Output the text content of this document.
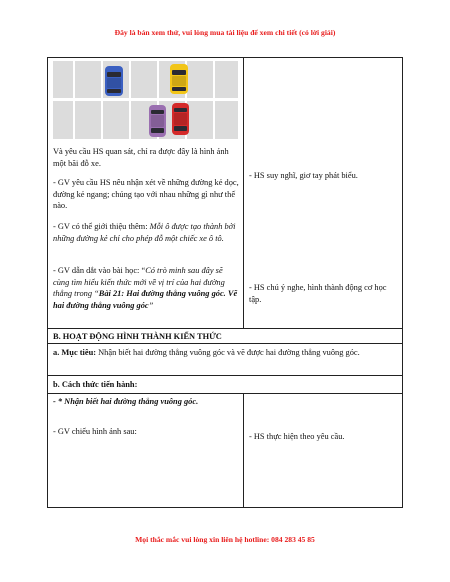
Đây là bản xem thử, vui lòng mua tài liệu để xem chi tiết (có lời giải)
Và yêu cầu HS quan sát, chỉ ra được đây là hình ảnh một bãi đỗ xe.
- GV yêu cầu HS nêu nhận xét về những đường kẻ dọc, đường kẻ ngang; chúng tạo với nhau những gì như thế nào.
- GV có thể giới thiệu thêm: Mỗi ô được tạo thành bởi những đường kẻ chỉ cho phép đỗ một chiếc xe ô tô.
- GV dẫn dắt vào bài học: “Có trò minh sau đây sẽ cùng tìm hiểu kiến thức mới về vị trí của hai đường thẳng trong “Bài 21: Hai đường thẳng vuông góc. Vẽ hai đường thẳng vuông góc”
- HS suy nghĩ, giơ tay phát biểu.
- HS chú ý nghe, hình thành động cơ học tập.
B. HOẠT ĐỘNG HÌNH THÀNH KIẾN THỨC
a. Mục tiêu: Nhận biết hai đường thẳng vuông góc và vẽ được hai đường thẳng vuông góc.
b. Cách thức tiến hành:
- * Nhận biết hai đường thẳng vuông góc.
- GV chiếu hình ảnh sau:
- HS thực hiện theo yêu cầu.
Mọi thắc mắc vui lòng xin liên hệ hotline: 084 283 45 85
